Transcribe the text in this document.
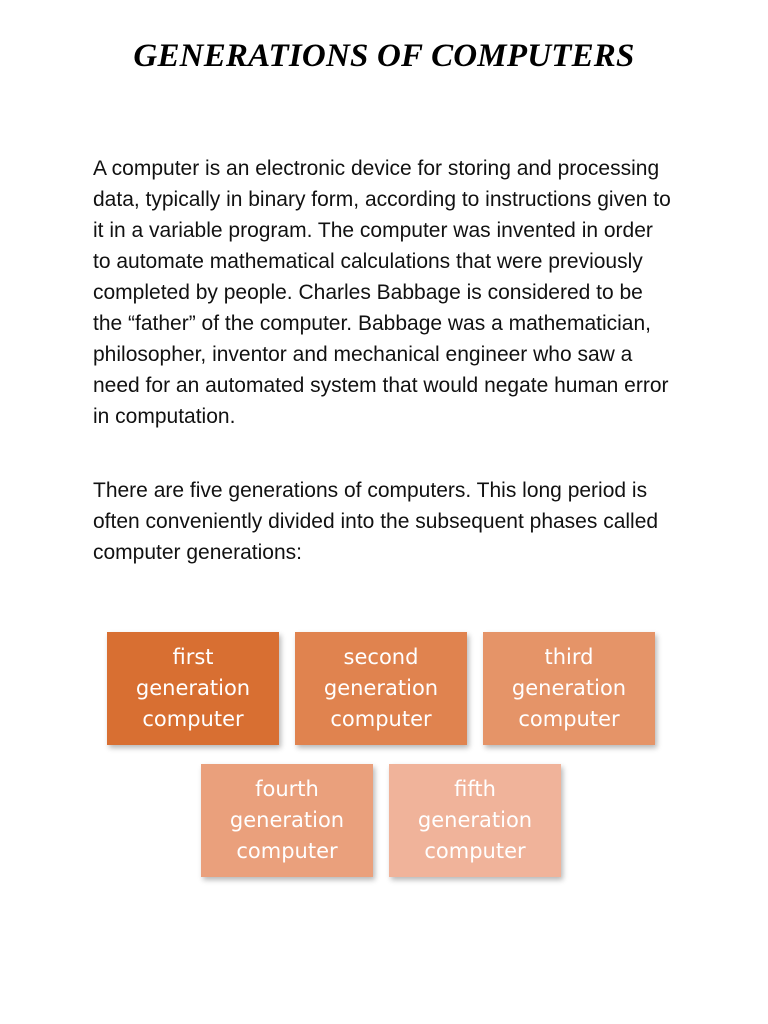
GENERATIONS OF COMPUTERS

A computer is an electronic device for storing and processing data, typically in binary form, according to instructions given to it in a variable program. The computer was invented in order to automate mathematical calculations that were previously completed by people. Charles Babbage is considered to be the “father” of the computer. Babbage was a mathematician, philosopher, inventor and mechanical engineer who saw a need for an automated system that would negate human error in computation.

There are five generations of computers. This long period is often conveniently divided into the subsequent phases called computer generations:

first
generation
computer
second
generation
computer
third
generation
computer
fourth
generation
computer
fifth
generation
computer
